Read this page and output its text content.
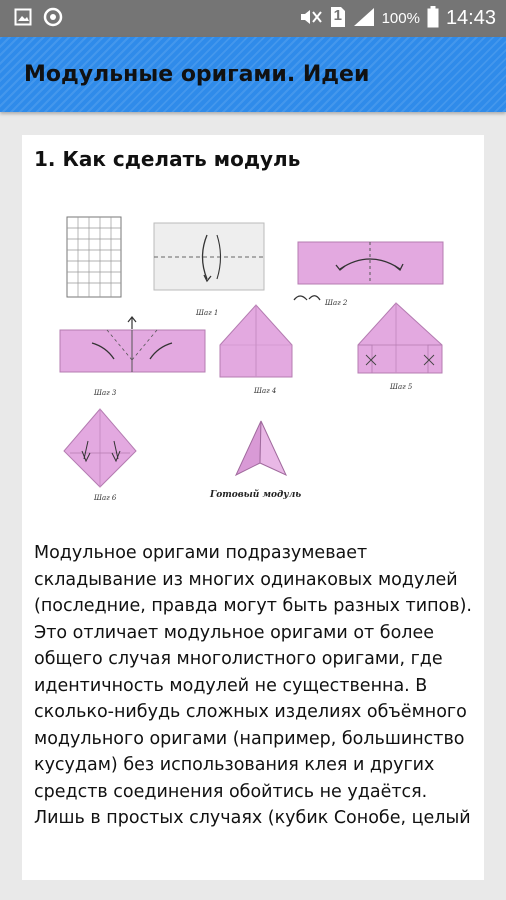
1	100% 14:43
Модульные оригами. Идеи
1. Как сделать модуль
Шаг 1
Шаг 2
Шаг 3	Шаг 4	Шаг 5
Шаг 6	Готовый модуль

Модульное оригами подразумевает складывание из многих одинаковых модулей (последние, правда могут быть разных типов). Это отличает модульное оригами от более общего случая многолистного оригами, где идентичность модулей не существенна. В сколько-нибудь сложных изделиях объёмного модульного оригами (например, большинство кусудам) без использования клея и других средств соединения обойтись не удаётся. Лишь в простых случаях (кубик Сонобе, целый
